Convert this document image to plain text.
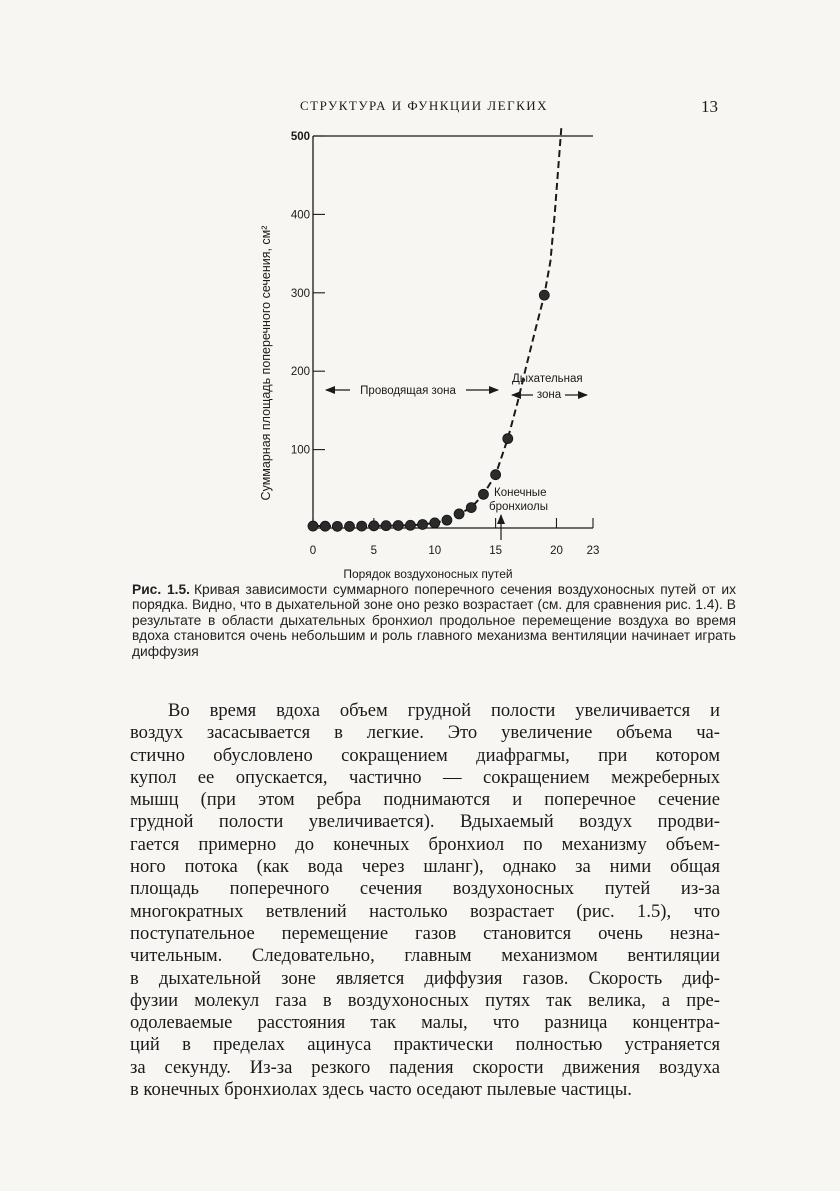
СТРУКТУРА И ФУНКЦИИ ЛЕГКИХ	13
100
200
300
400
500
0	5	10	15	20 23
Проводящая зона
Дыхательная
зона
Конечные
бронхиолы
Суммарная площадь поперечного сечения, см²
Порядок воздухоносных путей
Рис. 1.5. Кривая зависимости суммарного поперечного сечения воздухоносных путей от их порядка. Видно, что в дыхательной зоне оно резко возрастает (см. для сравнения рис. 1.4). В результате в области дыхательных бронхиол продольное перемещение воздуха во время вдоха становится очень небольшим и роль главного механизма вентиляции начинает играть диффузия
Во время вдоха объем грудной полости увеличивается и
воздух засасывается в легкие. Это увеличение объема ча-
стично обусловлено сокращением диафрагмы, при котором
купол ее опускается, частично — сокращением межреберных
мышц (при этом ребра поднимаются и поперечное сечение
грудной полости увеличивается). Вдыхаемый воздух продви-
гается примерно до конечных бронхиол по механизму объем-
ного потока (как вода через шланг), однако за ними общая
площадь поперечного сечения воздухоносных путей из-за
многократных ветвлений настолько возрастает (рис. 1.5), что
поступательное перемещение газов становится очень незна-
чительным. Следовательно, главным механизмом вентиляции
в дыхательной зоне является диффузия газов. Скорость диф-
фузии молекул газа в воздухоносных путях так велика, а пре-
одолеваемые расстояния так малы, что разница концентра-
ций в пределах ацинуса практически полностью устраняется
за секунду. Из-за резкого падения скорости движения воздуха
в конечных бронхиолах здесь часто оседают пылевые частицы.
